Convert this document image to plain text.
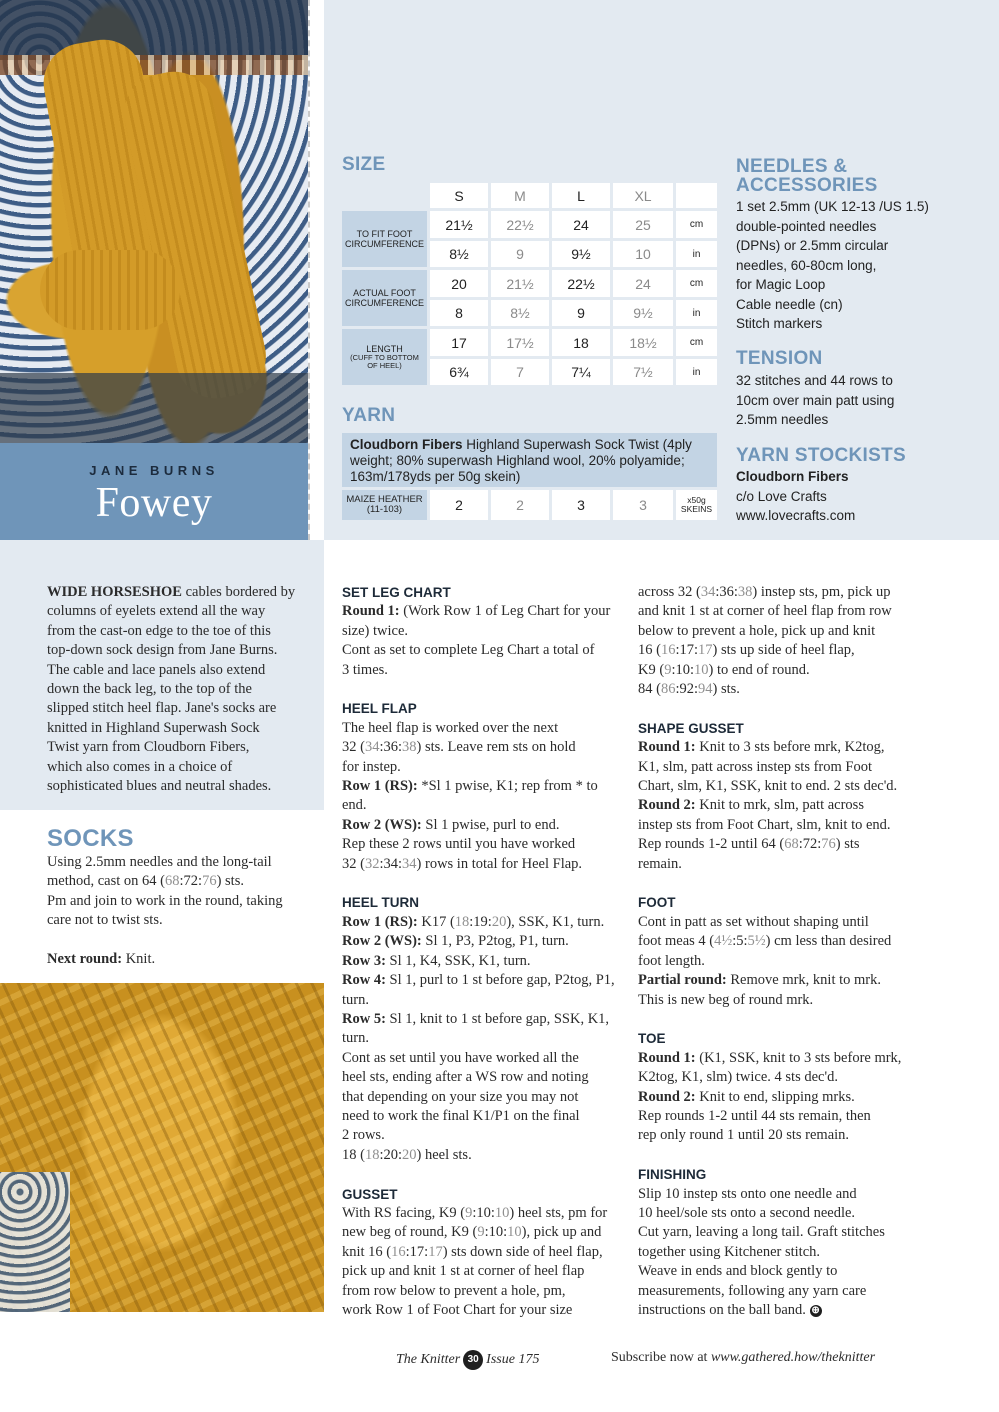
JANE BURNS
Fowey
SIZE
S	M	L	XL
TO FIT FOOT CIRCUMFERENCE
21½	22½	24	25	cm
8½	9	9½	10	in
ACTUAL FOOT CIRCUMFERENCE
20	21½	22½	24	cm
8	8½	9	9½	in
LENGTH
(CUFF TO BOTTOM OF HEEL)
17	17½	18	18½	cm
6¾	7	7¼	7½	in
YARN
Cloudborn Fibers Highland Superwash Sock Twist (4ply weight; 80% superwash Highland wool, 20% polyamide; 163m/178yds per 50g skein)
MAIZE HEATHER (11-103)	2	2	3	3	x50g SKEINS
NEEDLES & ACCESSORIES
1 set 2.5mm (UK 12-13 /US 1.5)
double-pointed needles
(DPNs) or 2.5mm circular
needles, 60-80cm long,
for Magic Loop
Cable needle (cn)
Stitch markers
TENSION
32 stitches and 44 rows to
10cm over main patt using
2.5mm needles
YARN STOCKISTS
Cloudborn Fibers
c/o Love Crafts
www.lovecrafts.com

WIDE HORSESHOE cables bordered by

columns of eyelets extend all the way

from the cast-on edge to the toe of this

top-down sock design from Jane Burns.

The cable and lace panels also extend

down the back leg, to the top of the

slipped stitch heel flap. Jane's socks are

knitted in Highland Superwash Sock

Twist yarn from Cloudborn Fibers,

which also comes in a choice of

sophisticated blues and neutral shades.

SOCKS

Using 2.5mm needles and the long-tail

method, cast on 64 (68:72:76) sts.

Pm and join to work in the round, taking

care not to twist sts.

Next round: Knit.

SET LEG CHART

Round 1: (Work Row 1 of Leg Chart for your

size) twice.

Cont as set to complete Leg Chart a total of

3 times.

HEEL FLAP

The heel flap is worked over the next

32 (34:36:38) sts. Leave rem sts on hold

for instep.

Row 1 (RS): *Sl 1 pwise, K1; rep from * to

end.

Row 2 (WS): Sl 1 pwise, purl to end.

Rep these 2 rows until you have worked

32 (32:34:34) rows in total for Heel Flap.

HEEL TURN

Row 1 (RS): K17 (18:19:20), SSK, K1, turn.

Row 2 (WS): Sl 1, P3, P2tog, P1, turn.

Row 3: Sl 1, K4, SSK, K1, turn.

Row 4: Sl 1, purl to 1 st before gap, P2tog, P1,

turn.

Row 5: Sl 1, knit to 1 st before gap, SSK, K1,

turn.

Cont as set until you have worked all the

heel sts, ending after a WS row and noting

that depending on your size you may not

need to work the final K1/P1 on the final

2 rows.

18 (18:20:20) heel sts.

GUSSET

With RS facing, K9 (9:10:10) heel sts, pm for

new beg of round, K9 (9:10:10), pick up and

knit 16 (16:17:17) sts down side of heel flap,

pick up and knit 1 st at corner of heel flap

from row below to prevent a hole, pm,

work Row 1 of Foot Chart for your size

across 32 (34:36:38) instep sts, pm, pick up

and knit 1 st at corner of heel flap from row

below to prevent a hole, pick up and knit

16 (16:17:17) sts up side of heel flap,

K9 (9:10:10) to end of round.

84 (86:92:94) sts.

SHAPE GUSSET

Round 1: Knit to 3 sts before mrk, K2tog,

K1, slm, patt across instep sts from Foot

Chart, slm, K1, SSK, knit to end. 2 sts dec'd.

Round 2: Knit to mrk, slm, patt across

instep sts from Foot Chart, slm, knit to end.

Rep rounds 1-2 until 64 (68:72:76) sts

remain.

FOOT

Cont in patt as set without shaping until

foot meas 4 (4½:5:5½) cm less than desired

foot length.

Partial round: Remove mrk, knit to mrk.

This is new beg of round mrk.

TOE

Round 1: (K1, SSK, knit to 3 sts before mrk,

K2tog, K1, slm) twice. 4 sts dec'd.

Round 2: Knit to end, slipping mrks.

Rep rounds 1-2 until 44 sts remain, then

rep only round 1 until 20 sts remain.

FINISHING

Slip 10 instep sts onto one needle and

10 heel/sole sts onto a second needle.

Cut yarn, leaving a long tail. Graft stitches

together using Kitchener stitch.

Weave in ends and block gently to

measurements, following any yarn care

instructions on the ball band. ⊕

The Knitter 30 Issue 175	Subscribe now at www.gathered.how/theknitter
